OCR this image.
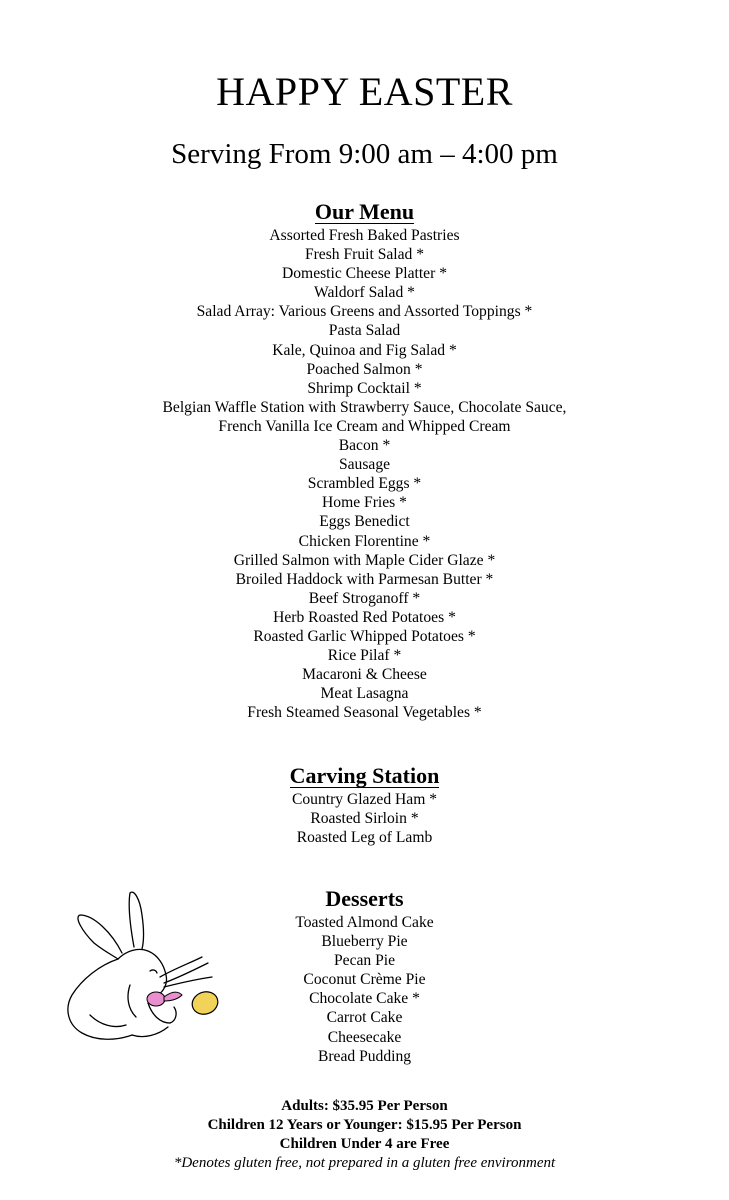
HAPPY EASTER
Serving From 9:00 am – 4:00 pm
Our Menu
Assorted Fresh Baked Pastries
Fresh Fruit Salad *
Domestic Cheese Platter *
Waldorf Salad *
Salad Array: Various Greens and Assorted Toppings *
Pasta Salad
Kale, Quinoa and Fig Salad *
Poached Salmon *
Shrimp Cocktail *
Belgian Waffle Station with Strawberry Sauce, Chocolate Sauce,
French Vanilla Ice Cream and Whipped Cream
Bacon *
Sausage
Scrambled Eggs *
Home Fries *
Eggs Benedict
Chicken Florentine *
Grilled Salmon with Maple Cider Glaze *
Broiled Haddock with Parmesan Butter *
Beef Stroganoff *
Herb Roasted Red Potatoes *
Roasted Garlic Whipped Potatoes *
Rice Pilaf *
Macaroni & Cheese
Meat Lasagna
Fresh Steamed Seasonal Vegetables *
Carving Station
Country Glazed Ham *
Roasted Sirloin *
Roasted Leg of Lamb
Desserts
Toasted Almond Cake
Blueberry Pie
Pecan Pie
Coconut Crème Pie
Chocolate Cake *
Carrot Cake
Cheesecake
Bread Pudding
Adults: $35.95 Per Person
Children 12 Years or Younger: $15.95 Per Person
Children Under 4 are Free
*Denotes gluten free, not prepared in a gluten free environment
